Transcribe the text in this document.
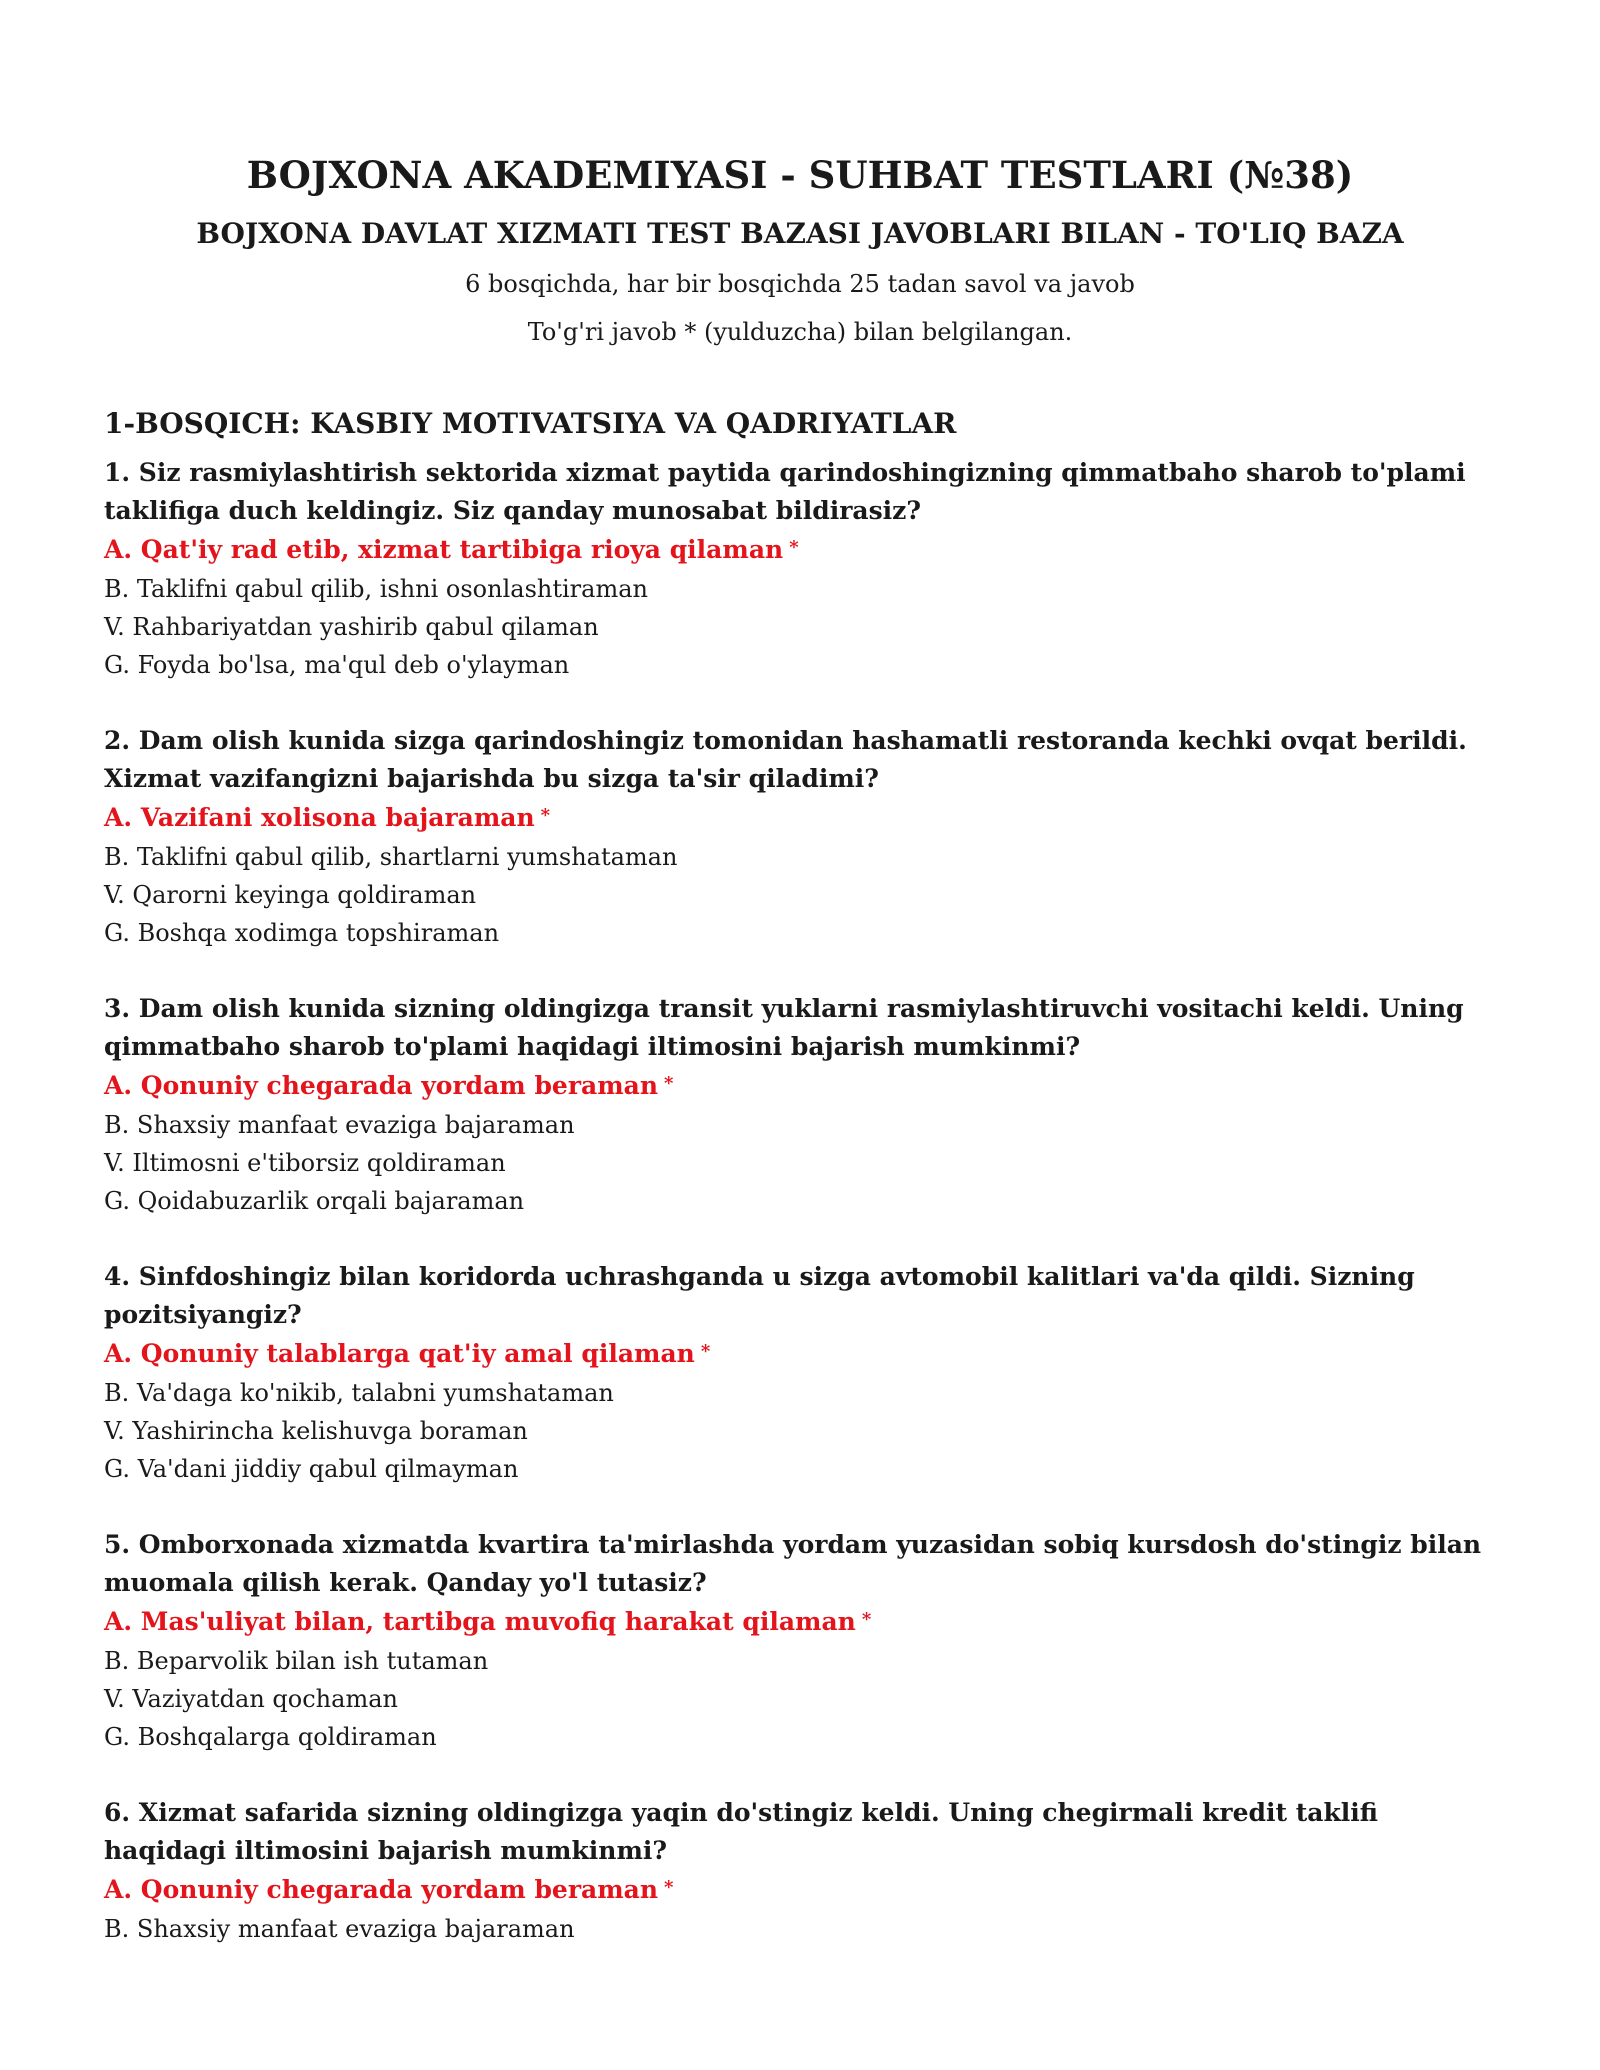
BOJXONA AKADEMIYASI - SUHBAT TESTLARI (№38)
BOJXONA DAVLAT XIZMATI TEST BAZASI JAVOBLARI BILAN - TO'LIQ BAZA

6 bosqichda, har bir bosqichda 25 tadan savol va javob

To'g'ri javob * (yulduzcha) bilan belgilangan.

1-BOSQICH: KASBIY MOTIVATSIYA VA QADRIYATLAR

1. Siz rasmiylashtirish sektorida xizmat paytida qarindoshingizning qimmatbaho sharob to'plami taklifiga duch keldingiz. Siz qanday munosabat bildirasiz?

A. Qat'iy rad etib, xizmat tartibiga rioya qilaman *

B. Taklifni qabul qilib, ishni osonlashtiraman

V. Rahbariyatdan yashirib qabul qilaman

G. Foyda bo'lsa, ma'qul deb o'ylayman

2. Dam olish kunida sizga qarindoshingiz tomonidan hashamatli restoranda kechki ovqat berildi. Xizmat vazifangizni bajarishda bu sizga ta'sir qiladimi?

A. Vazifani xolisona bajaraman *

B. Taklifni qabul qilib, shartlarni yumshataman

V. Qarorni keyinga qoldiraman

G. Boshqa xodimga topshiraman

3. Dam olish kunida sizning oldingizga transit yuklarni rasmiylashtiruvchi vositachi keldi. Uning qimmatbaho sharob to'plami haqidagi iltimosini bajarish mumkinmi?

A. Qonuniy chegarada yordam beraman *

B. Shaxsiy manfaat evaziga bajaraman

V. Iltimosni e'tiborsiz qoldiraman

G. Qoidabuzarlik orqali bajaraman

4. Sinfdoshingiz bilan koridorda uchrashganda u sizga avtomobil kalitlari va'da qildi. Sizning pozitsiyangiz?

A. Qonuniy talablarga qat'iy amal qilaman *

B. Va'daga ko'nikib, talabni yumshataman

V. Yashirincha kelishuvga boraman

G. Va'dani jiddiy qabul qilmayman

5. Omborxonada xizmatda kvartira ta'mirlashda yordam yuzasidan sobiq kursdosh do'stingiz bilan muomala qilish kerak. Qanday yo'l tutasiz?

A. Mas'uliyat bilan, tartibga muvofiq harakat qilaman *

B. Beparvolik bilan ish tutaman

V. Vaziyatdan qochaman

G. Boshqalarga qoldiraman

6. Xizmat safarida sizning oldingizga yaqin do'stingiz keldi. Uning chegirmali kredit taklifi haqidagi iltimosini bajarish mumkinmi?

A. Qonuniy chegarada yordam beraman *

B. Shaxsiy manfaat evaziga bajaraman
